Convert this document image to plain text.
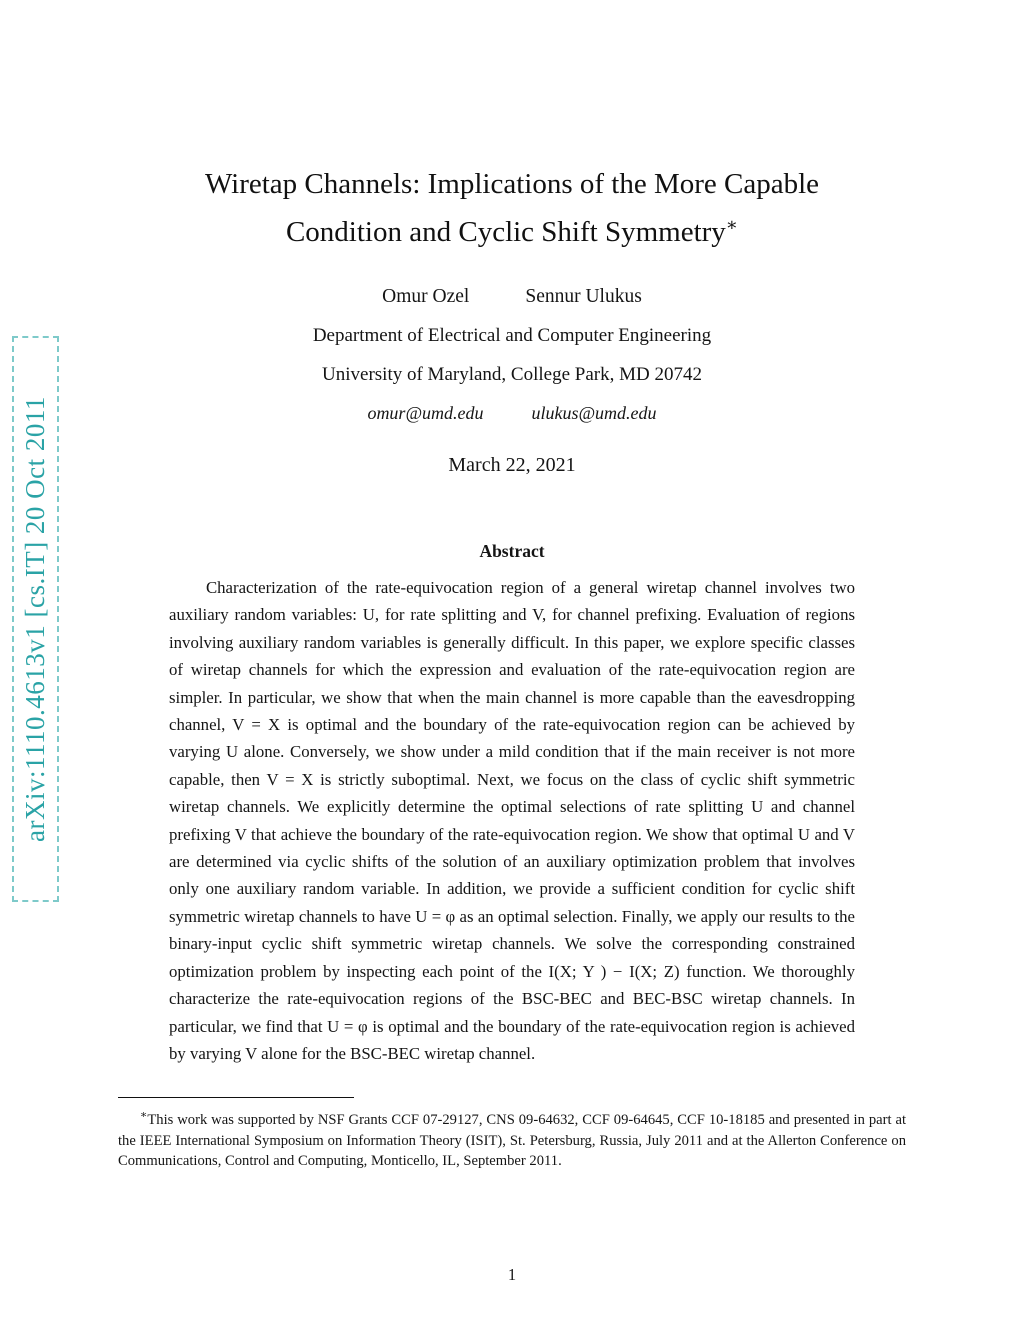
arXiv:1110.4613v1 [cs.IT] 20 Oct 2011
Wiretap Channels: Implications of the More Capable
Condition and Cyclic Shift Symmetry∗
Omur Ozel	Sennur Ulukus
Department of Electrical and Computer Engineering
University of Maryland, College Park, MD 20742
omur@umd.edu	ulukus@umd.edu
March 22, 2021
Abstract
Characterization of the rate-equivocation region of a general wiretap channel involves two auxiliary random variables: U, for rate splitting and V, for channel prefixing. Evaluation of regions involving auxiliary random variables is generally difficult. In this paper, we explore specific classes of wiretap channels for which the expression and evaluation of the rate-equivocation region are simpler. In particular, we show that when the main channel is more capable than the eavesdropping channel, V = X is optimal and the boundary of the rate-equivocation region can be achieved by varying U alone. Conversely, we show under a mild condition that if the main receiver is not more capable, then V = X is strictly suboptimal. Next, we focus on the class of cyclic shift symmetric wiretap channels. We explicitly determine the optimal selections of rate splitting U and channel prefixing V that achieve the boundary of the rate-equivocation region. We show that optimal U and V are determined via cyclic shifts of the solution of an auxiliary optimization problem that involves only one auxiliary random variable. In addition, we provide a sufficient condition for cyclic shift symmetric wiretap channels to have U = φ as an optimal selection. Finally, we apply our results to the binary-input cyclic shift symmetric wiretap channels. We solve the corresponding constrained optimization problem by inspecting each point of the I(X; Y ) − I(X; Z) function. We thoroughly characterize the rate-equivocation regions of the BSC-BEC and BEC-BSC wiretap channels. In particular, we find that U = φ is optimal and the boundary of the rate-equivocation region is achieved by varying V alone for the BSC-BEC wiretap channel.

∗This work was supported by NSF Grants CCF 07-29127, CNS 09-64632, CCF 09-64645, CCF 10-18185 and presented in part at the IEEE International Symposium on Information Theory (ISIT), St. Petersburg, Russia, July 2011 and at the Allerton Conference on Communications, Control and Computing, Monticello, IL, September 2011.

1
